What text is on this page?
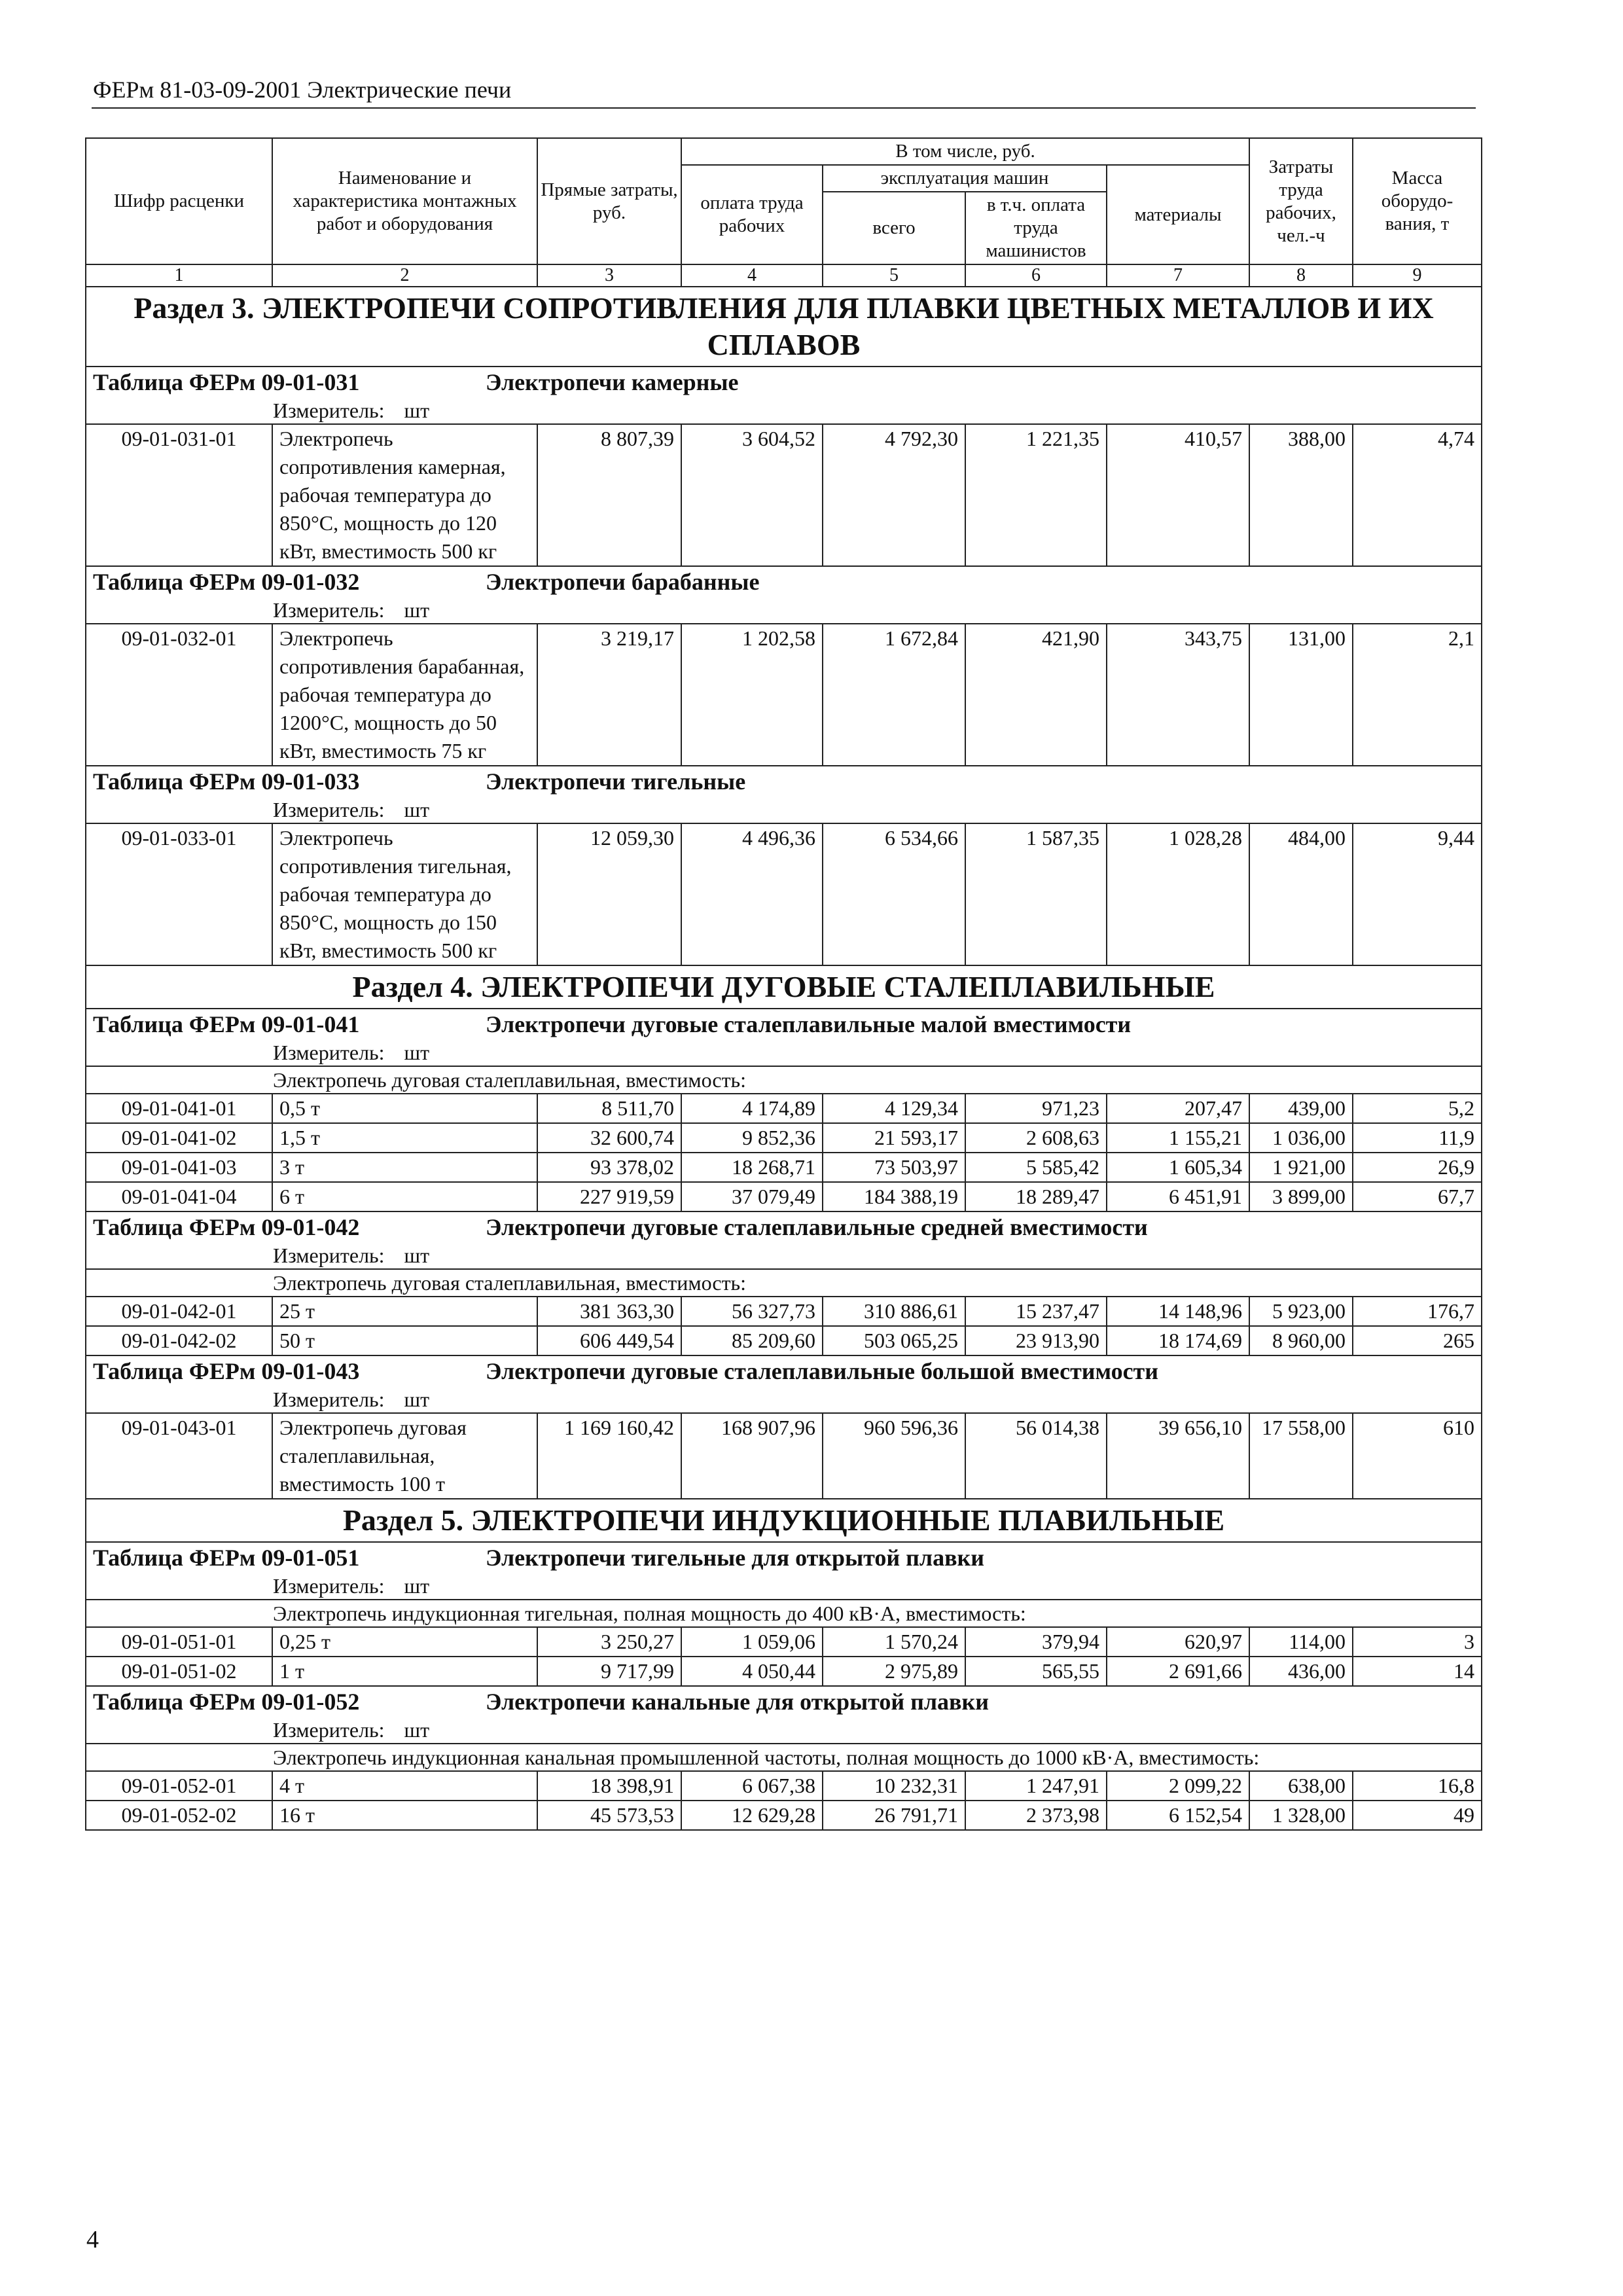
ФЕРм 81-03-09-2001 Электрические печи
Шифр расценки	Наименование и характеристика монтажных работ и оборудования	Прямые затраты, руб.	В том числе, руб.				Затраты труда рабочих, чел.-ч	Масса оборудо-вания, т
			оплата труда рабочих	эксплуатация машин		материалы		
				всего	в т.ч. оплата труда машинистов			
1	2	3	4	5	6	7	8	9
Раздел 3. ЭЛЕКТРОПЕЧИ СОПРОТИВЛЕНИЯ ДЛЯ ПЛАВКИ ЦВЕТНЫХ МЕТАЛЛОВ И ИХ СПЛАВОВ								
Таблица ФЕРм 09-01-031 Электропечи камерные								
Измеритель: шт								
09-01-031-01	Электропечь сопротивления камерная, рабочая температура до 850°С, мощность до 120 кВт, вместимость 500 кг	8 807,39	3 604,52	4 792,30	1 221,35	410,57	388,00	4,74
Таблица ФЕРм 09-01-032 Электропечи барабанные								
Измеритель: шт								
09-01-032-01	Электропечь сопротивления барабанная, рабочая температура до 1200°С, мощность до 50 кВт, вместимость 75 кг	3 219,17	1 202,58	1 672,84	421,90	343,75	131,00	2,1
Таблица ФЕРм 09-01-033 Электропечи тигельные								
Измеритель: шт								
09-01-033-01	Электропечь сопротивления тигельная, рабочая температура до 850°С, мощность до 150 кВт, вместимость 500 кг	12 059,30	4 496,36	6 534,66	1 587,35	1 028,28	484,00	9,44
Раздел 4. ЭЛЕКТРОПЕЧИ ДУГОВЫЕ СТАЛЕПЛАВИЛЬНЫЕ								
Таблица ФЕРм 09-01-041 Электропечи дуговые сталеплавильные малой вместимости								
Измеритель: шт								
Электропечь дуговая сталеплавильная, вместимость:								
09-01-041-01	0,5 т	8 511,70	4 174,89	4 129,34	971,23	207,47	439,00	5,2
09-01-041-02	1,5 т	32 600,74	9 852,36	21 593,17	2 608,63	1 155,21	1 036,00	11,9
09-01-041-03	3 т	93 378,02	18 268,71	73 503,97	5 585,42	1 605,34	1 921,00	26,9
09-01-041-04	6 т	227 919,59	37 079,49	184 388,19	18 289,47	6 451,91	3 899,00	67,7
Таблица ФЕРм 09-01-042 Электропечи дуговые сталеплавильные средней вместимости								
Измеритель: шт								
Электропечь дуговая сталеплавильная, вместимость:								
09-01-042-01	25 т	381 363,30	56 327,73	310 886,61	15 237,47	14 148,96	5 923,00	176,7
09-01-042-02	50 т	606 449,54	85 209,60	503 065,25	23 913,90	18 174,69	8 960,00	265
Таблица ФЕРм 09-01-043 Электропечи дуговые сталеплавильные большой вместимости								
Измеритель: шт								
09-01-043-01	Электропечь дуговая сталеплавильная, вместимость 100 т	1 169 160,42	168 907,96	960 596,36	56 014,38	39 656,10	17 558,00	610
Раздел 5. ЭЛЕКТРОПЕЧИ ИНДУКЦИОННЫЕ ПЛАВИЛЬНЫЕ								
Таблица ФЕРм 09-01-051 Электропечи тигельные для открытой плавки								
Измеритель: шт								
Электропечь индукционная тигельная, полная мощность до 400 кВ·А, вместимость:								
09-01-051-01	0,25 т	3 250,27	1 059,06	1 570,24	379,94	620,97	114,00	3
09-01-051-02	1 т	9 717,99	4 050,44	2 975,89	565,55	2 691,66	436,00	14
Таблица ФЕРм 09-01-052 Электропечи канальные для открытой плавки								
Измеритель: шт								
Электропечь индукционная канальная промышленной частоты, полная мощность до 1000 кВ·А, вместимость:								
09-01-052-01	4 т	18 398,91	6 067,38	10 232,31	1 247,91	2 099,22	638,00	16,8
09-01-052-02	16 т	45 573,53	12 629,28	26 791,71	2 373,98	6 152,54	1 328,00	49
4
